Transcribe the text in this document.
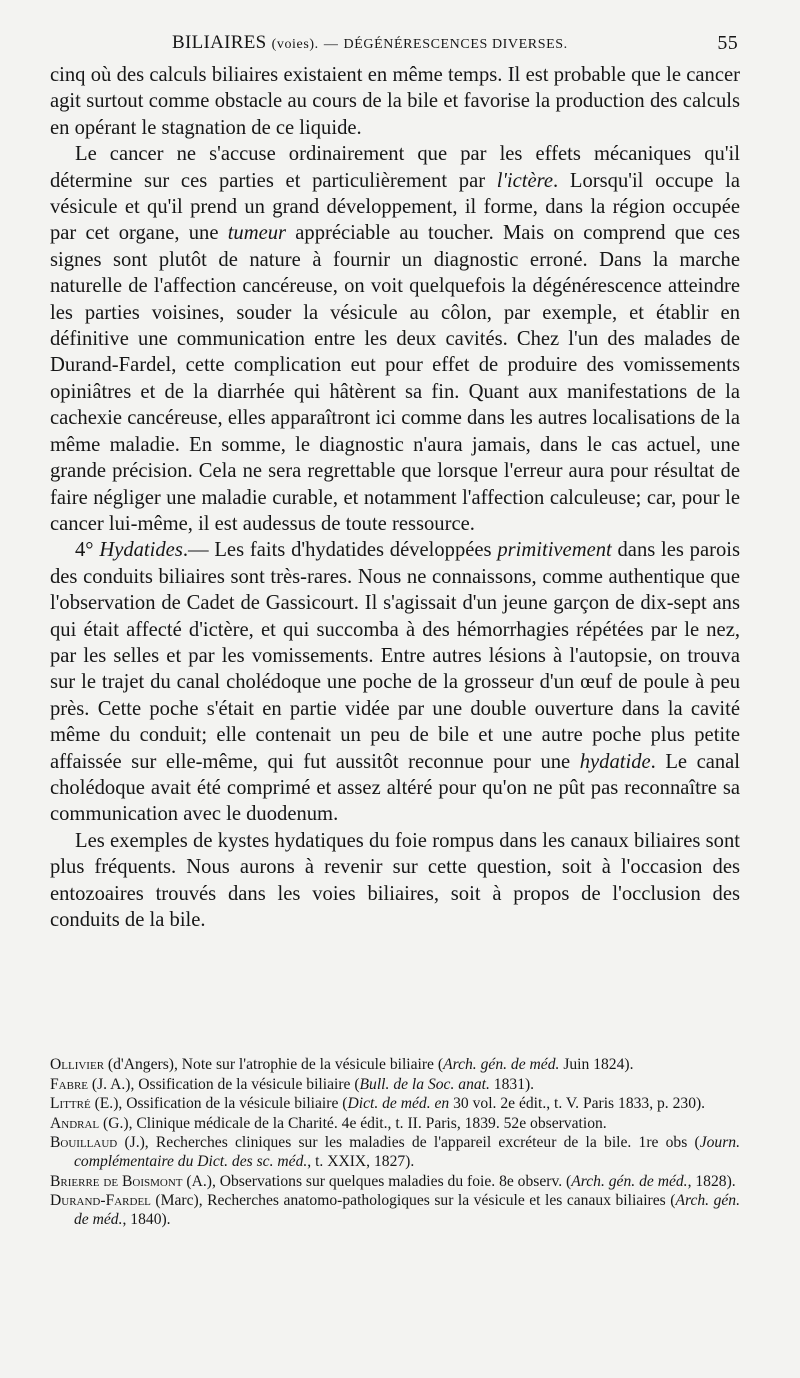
BILIAIRES (voies). — DÉGÉNÉRESCENCES DIVERSES.	55

cinq où des calculs biliaires existaient en même temps. Il est probable que le cancer agit surtout comme obstacle au cours de la bile et favorise la production des calculs en opérant le stagnation de ce liquide.

Le cancer ne s'accuse ordinairement que par les effets mécaniques qu'il détermine sur ces parties et particulièrement par l'ictère. Lorsqu'il occupe la vésicule et qu'il prend un grand développement, il forme, dans la région occupée par cet organe, une tumeur appréciable au toucher. Mais on comprend que ces signes sont plutôt de nature à fournir un diagnostic erroné. Dans la marche naturelle de l'affection cancéreuse, on voit quelquefois la dégénérescence atteindre les parties voisines, souder la vésicule au côlon, par exemple, et établir en définitive une communication entre les deux cavités. Chez l'un des malades de Durand-Fardel, cette complication eut pour effet de produire des vomissements opiniâtres et de la diarrhée qui hâtèrent sa fin. Quant aux manifestations de la cachexie cancéreuse, elles apparaîtront ici comme dans les autres localisations de la même maladie. En somme, le diagnostic n'aura jamais, dans le cas actuel, une grande précision. Cela ne sera regrettable que lorsque l'erreur aura pour résultat de faire négliger une maladie curable, et notamment l'affection calculeuse; car, pour le cancer lui-même, il est audessus de toute ressource.

4° Hydatides.— Les faits d'hydatides développées primitivement dans les parois des conduits biliaires sont très-rares. Nous ne connaissons, comme authentique que l'observation de Cadet de Gassicourt. Il s'agissait d'un jeune garçon de dix-sept ans qui était affecté d'ictère, et qui succomba à des hémorrhagies répétées par le nez, par les selles et par les vomissements. Entre autres lésions à l'autopsie, on trouva sur le trajet du canal cholédoque une poche de la grosseur d'un œuf de poule à peu près. Cette poche s'était en partie vidée par une double ouverture dans la cavité même du conduit; elle contenait un peu de bile et une autre poche plus petite affaissée sur elle-même, qui fut aussitôt reconnue pour une hydatide. Le canal cholédoque avait été comprimé et assez altéré pour qu'on ne pût pas reconnaître sa communication avec le duodenum.

Les exemples de kystes hydatiques du foie rompus dans les canaux biliaires sont plus fréquents. Nous aurons à revenir sur cette question, soit à l'occasion des entozoaires trouvés dans les voies biliaires, soit à propos de l'occlusion des conduits de la bile.

Ollivier (d'Angers), Note sur l'atrophie de la vésicule biliaire (Arch. gén. de méd. Juin 1824).

Fabre (J. A.), Ossification de la vésicule biliaire (Bull. de la Soc. anat. 1831).

Littré (E.), Ossification de la vésicule biliaire (Dict. de méd. en 30 vol. 2e édit., t. V. Paris 1833, p. 230).

Andral (G.), Clinique médicale de la Charité. 4e édit., t. II. Paris, 1839. 52e observation.

Bouillaud (J.), Recherches cliniques sur les maladies de l'appareil excréteur de la bile. 1re obs (Journ. complémentaire du Dict. des sc. méd., t. XXIX, 1827).

Brierre de Boismont (A.), Observations sur quelques maladies du foie. 8e observ. (Arch. gén. de méd., 1828).

Durand-Fardel (Marc), Recherches anatomo-pathologiques sur la vésicule et les canaux biliaires (Arch. gén. de méd., 1840).
